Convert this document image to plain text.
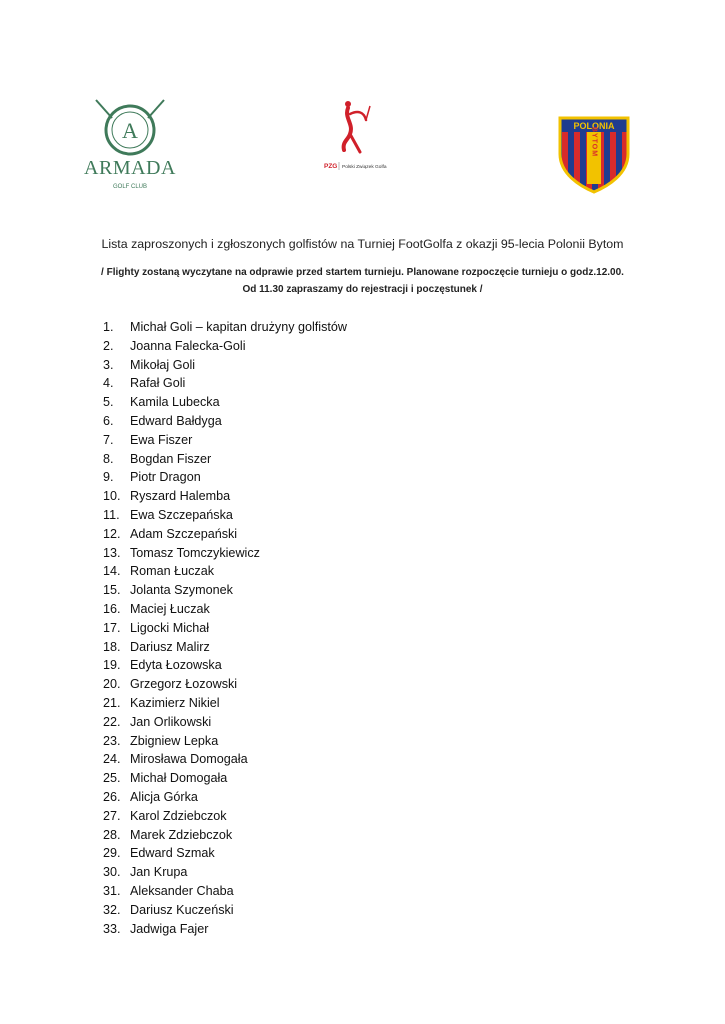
A
ARMADA
GOLF CLUB
PZG Polski Związek Golfa
POLONIA
BYTOM
Lista zaproszonych i zgłoszonych golfistów na Turniej FootGolfa z okazji 95-lecia Polonii Bytom
/ Flighty zostaną wyczytane na odprawie przed startem turnieju. Planowane rozpoczęcie turnieju o godz.12.00.
Od 11.30 zapraszamy do rejestracji i poczęstunek /
1. Michał Goli – kapitan drużyny golfistów
2. Joanna Falecka-Goli
3. Mikołaj Goli
4. Rafał Goli
5. Kamila Lubecka
6. Edward Bałdyga
7. Ewa Fiszer
8. Bogdan Fiszer
9. Piotr Dragon
10. Ryszard Halemba
11. Ewa Szczepańska
12. Adam Szczepański
13. Tomasz Tomczykiewicz
14. Roman Łuczak
15. Jolanta Szymonek
16. Maciej Łuczak
17. Ligocki Michał
18. Dariusz Malirz
19. Edyta Łozowska
20. Grzegorz Łozowski
21. Kazimierz Nikiel
22. Jan Orlikowski
23. Zbigniew Lepka
24. Mirosława Domogała
25. Michał Domogała
26. Alicja Górka
27. Karol Zdziebczok
28. Marek Zdziebczok
29. Edward Szmak
30. Jan Krupa
31. Aleksander Chaba
32. Dariusz Kuczeński
33. Jadwiga Fajer
